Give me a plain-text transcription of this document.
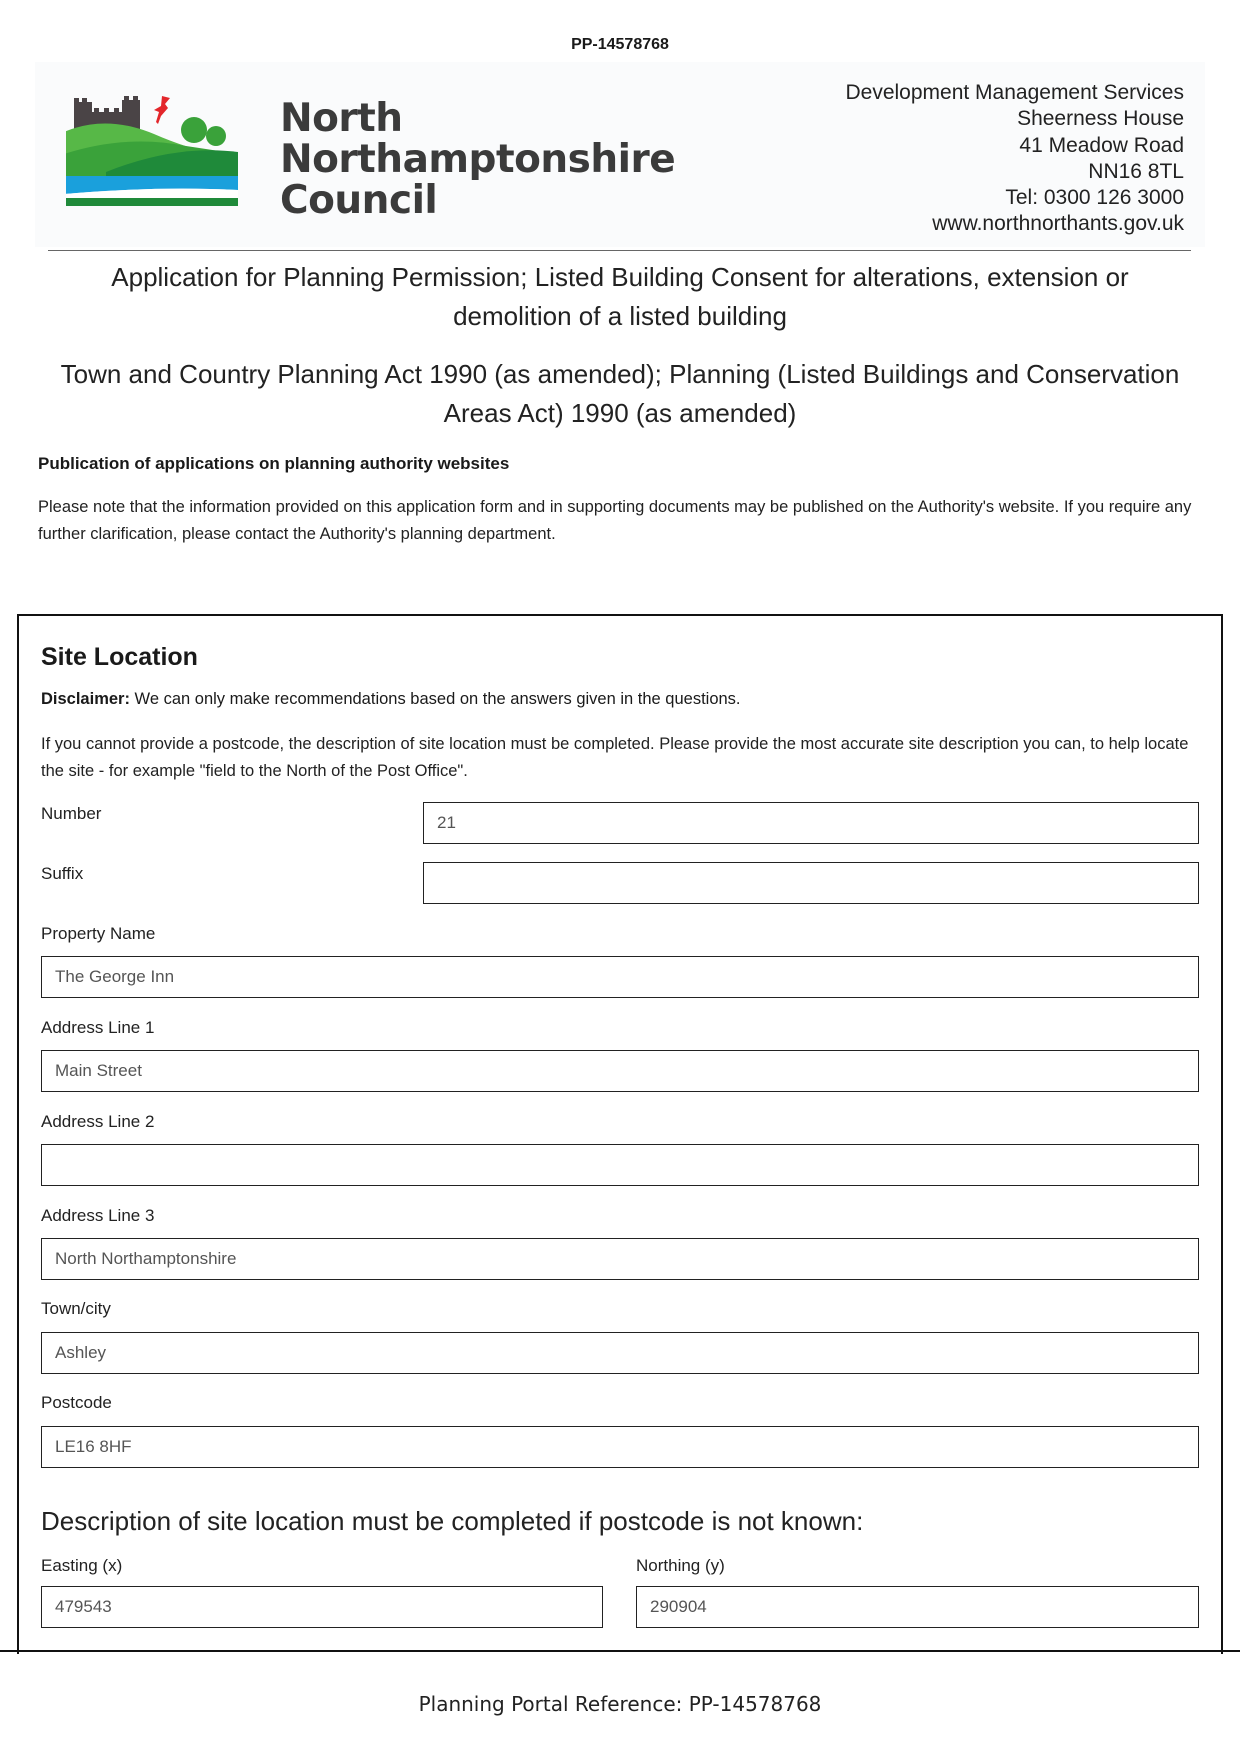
PP-14578768
North
Northamptonshire
Council
Development Management Services
Sheerness House
41 Meadow Road
NN16 8TL
Tel: 0300 126 3000
www.northnorthants.gov.uk
Application for Planning Permission; Listed Building Consent for alterations, extension or demolition of a listed building
Town and Country Planning Act 1990 (as amended); Planning (Listed Buildings and Conservation Areas Act) 1990 (as amended)
Publication of applications on planning authority websites
Please note that the information provided on this application form and in supporting documents may be published on the Authority's website. If you require any further clarification, please contact the Authority's planning department.
Site Location
Disclaimer: We can only make recommendations based on the answers given in the questions.
If you cannot provide a postcode, the description of site location must be completed. Please provide the most accurate site description you can, to help locate the site - for example "field to the North of the Post Office".
Number	21
Suffix
Property Name
The George Inn
Address Line 1
Main Street
Address Line 2
Address Line 3
North Northamptonshire
Town/city
Ashley
Postcode
LE16 8HF
Description of site location must be completed if postcode is not known:
Easting (x)
479543
Northing (y)
290904
Planning Portal Reference: PP-14578768
